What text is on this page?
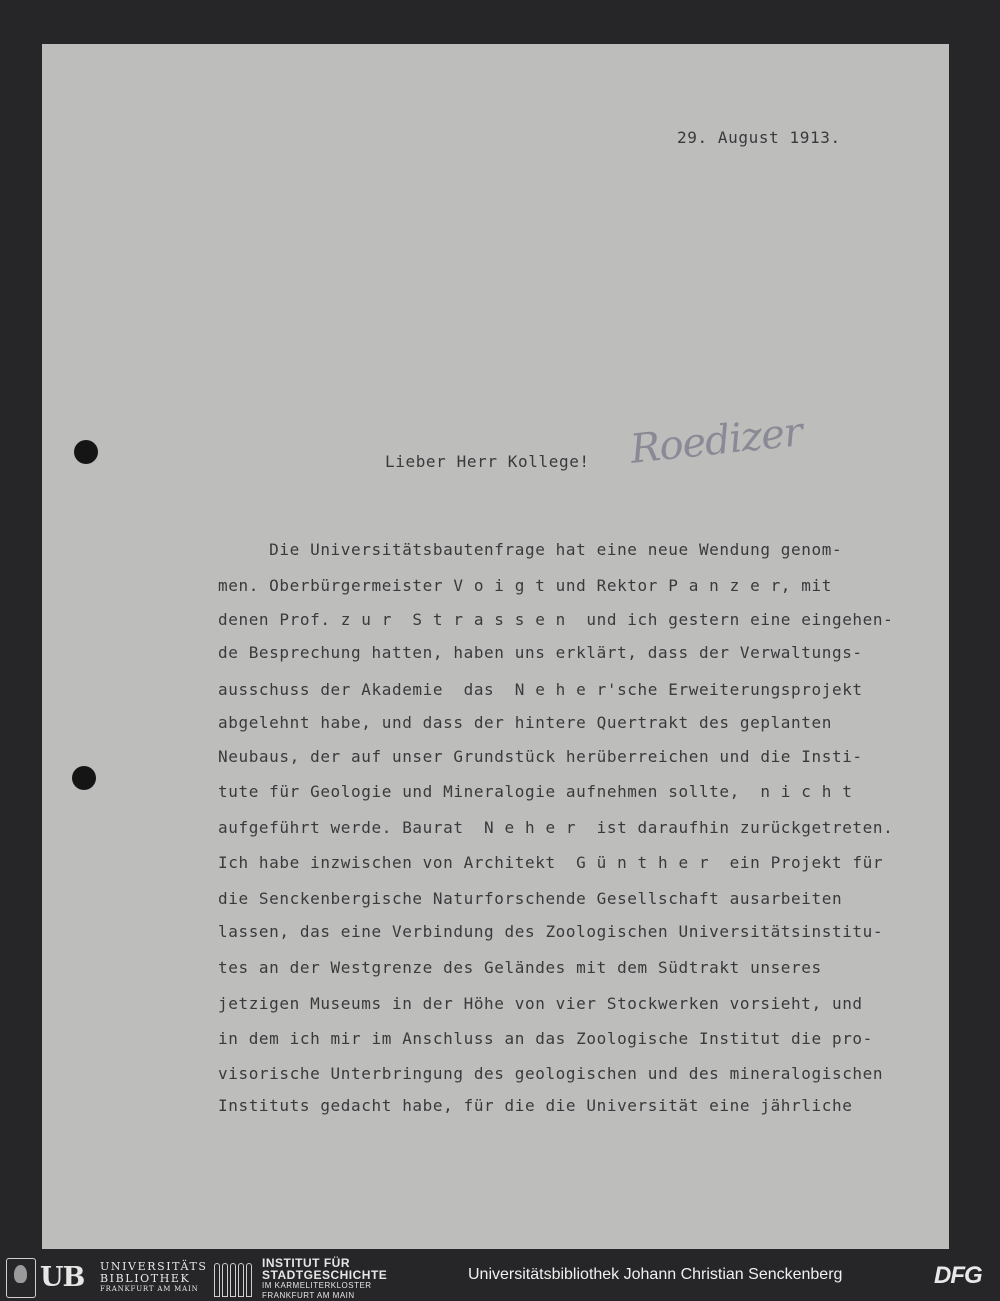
29. August 1913.

Lieber Herr Kollege! Roedizer

Die Universitätsbautenfrage hat eine neue Wendung genom-

men. Oberbürgermeister V o i g t und Rektor P a n z e r, mit

denen Prof. z u r  S t r a s s e n  und ich gestern eine eingehen-

de Besprechung hatten, haben uns erklärt, dass der Verwaltungs-

ausschuss der Akademie  das  N e h e r'sche Erweiterungsprojekt

abgelehnt habe, und dass der hintere Quertrakt des geplanten

Neubaus, der auf unser Grundstück herüberreichen und die Insti-

tute für Geologie und Mineralogie aufnehmen sollte,  n i c h t

aufgeführt werde. Baurat  N e h e r  ist daraufhin zurückgetreten.

Ich habe inzwischen von Architekt  G ü n t h e r  ein Projekt für

die Senckenbergische Naturforschende Gesellschaft ausarbeiten

lassen, das eine Verbindung des Zoologischen Universitätsinstitu-

tes an der Westgrenze des Geländes mit dem Südtrakt unseres

jetzigen Museums in der Höhe von vier Stockwerken vorsieht, und

in dem ich mir im Anschluss an das Zoologische Institut die pro-

visorische Unterbringung des geologischen und des mineralogischen

Instituts gedacht habe, für die die Universität eine jährliche

UB UNIVERSITÄTS
BIBLIOTHEK
FRANKFURT AM MAIN
INSTITUT FÜR
STADTGESCHICHTE
IM KARMELITERKLOSTER
FRANKFURT AM MAIN
Universitätsbibliothek Johann Christian Senckenberg	DFG
